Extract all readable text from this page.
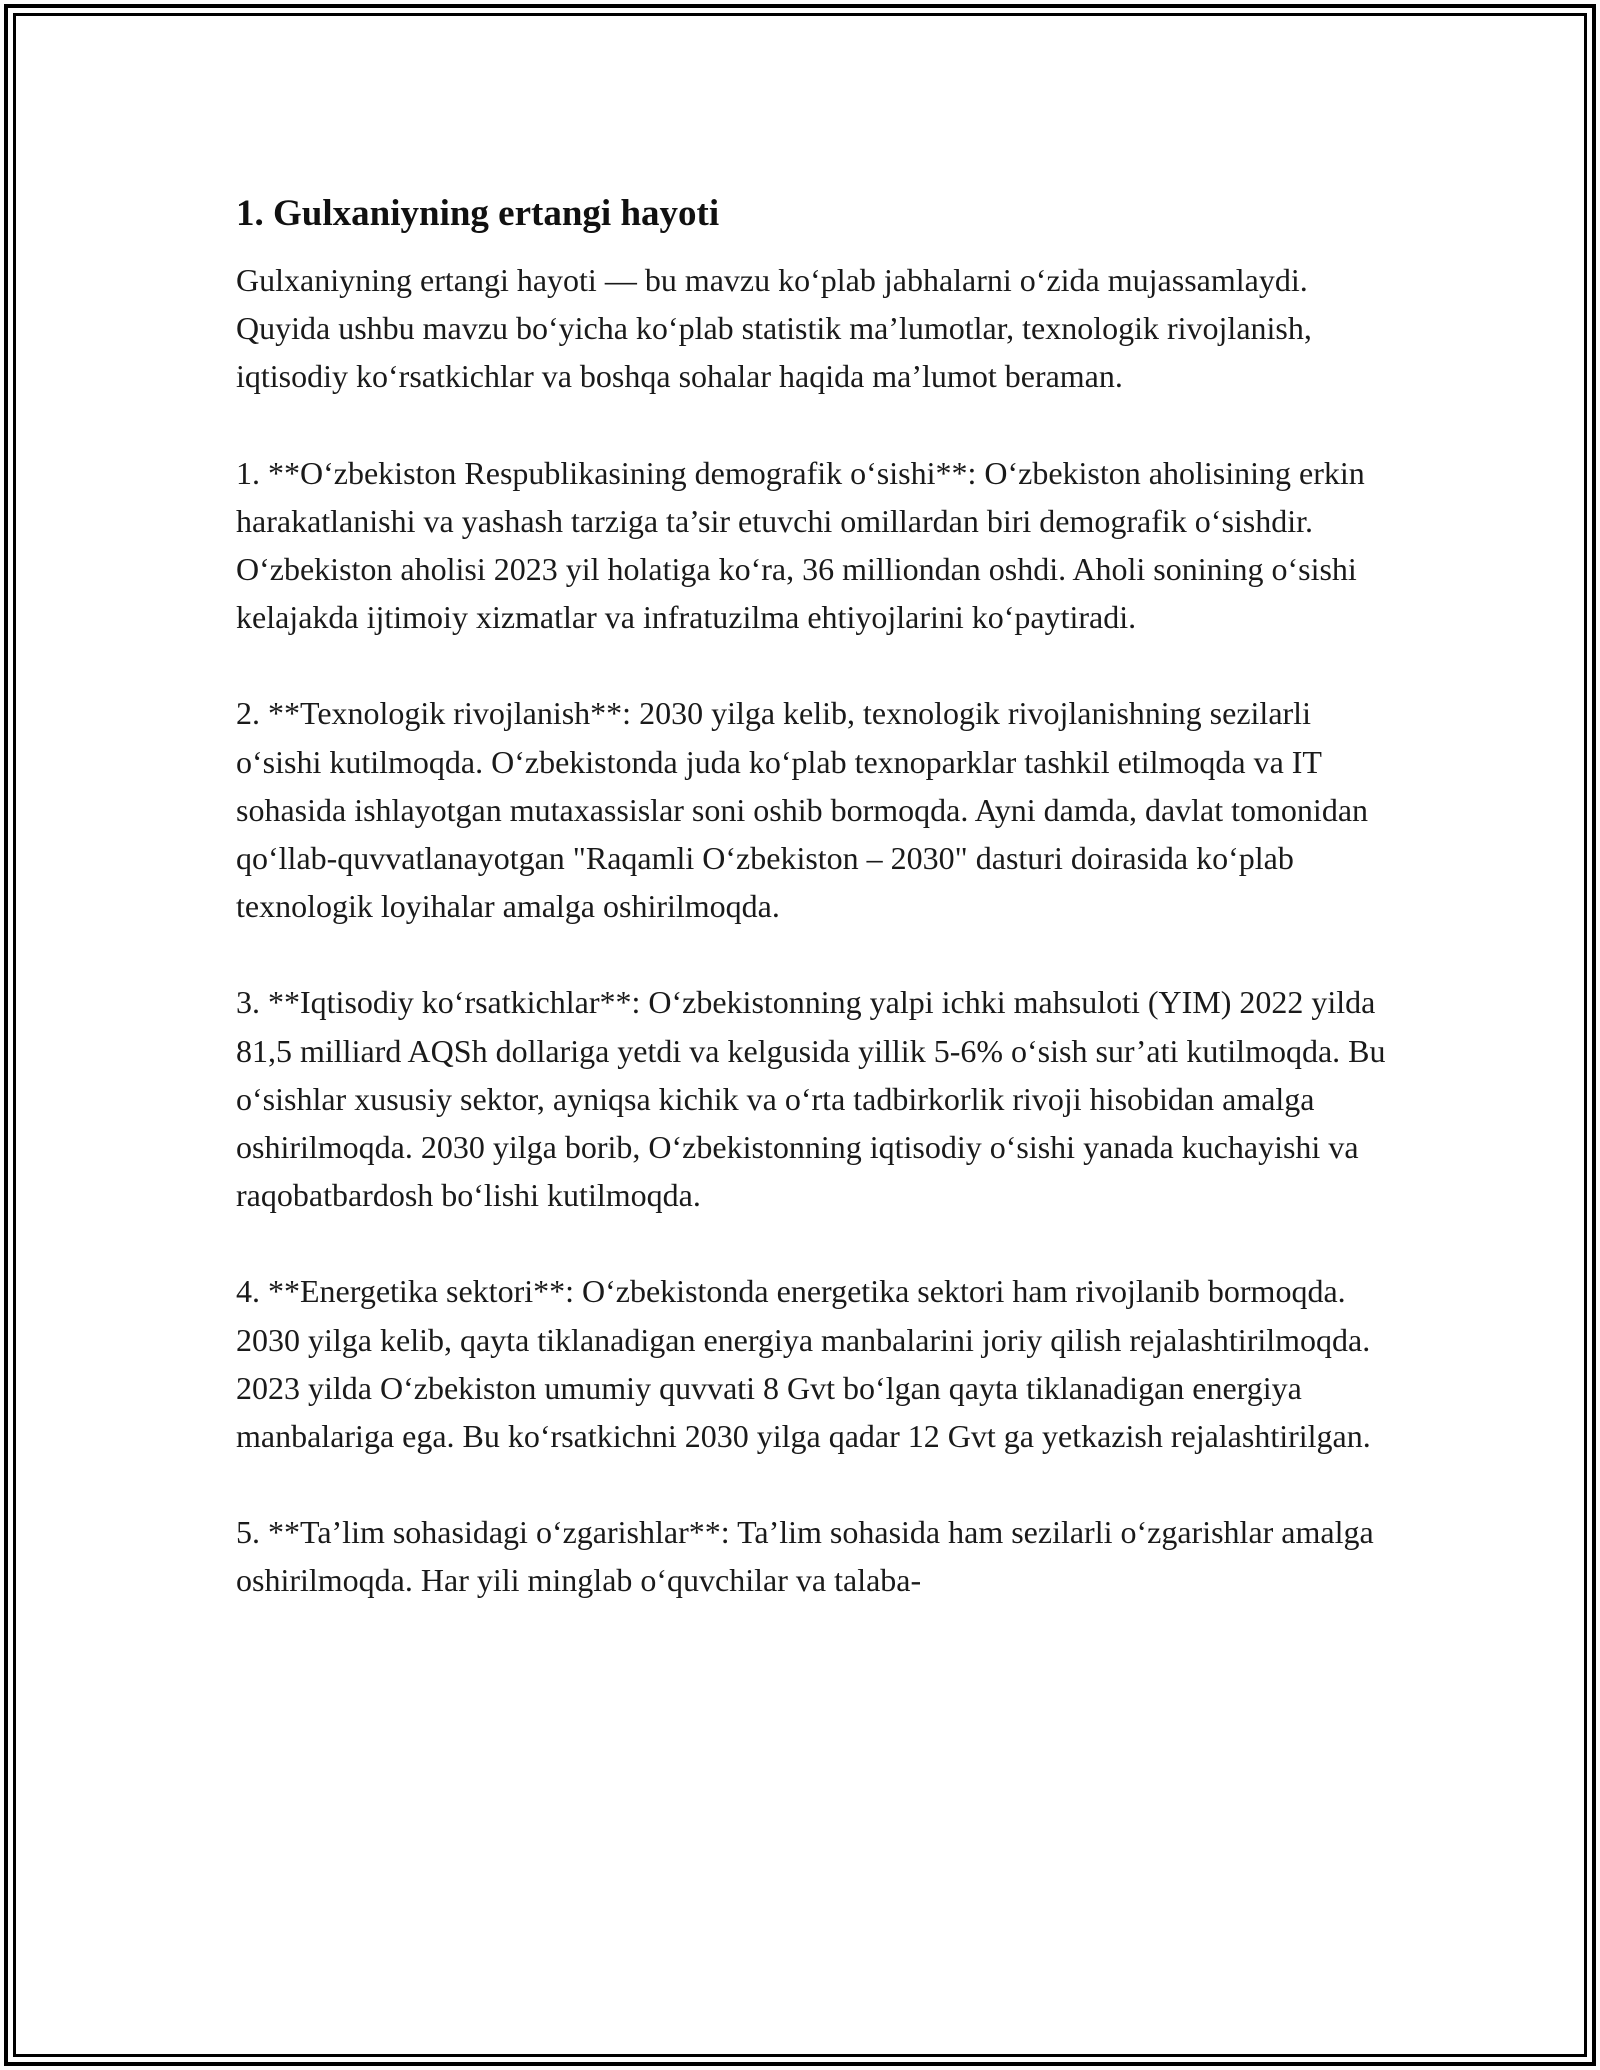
1. Gulxaniyning ertangi hayoti

Gulxaniyning ertangi hayoti — bu mavzu ko‘plab jabhalarni o‘zida mujassamlaydi. Quyida ushbu mavzu bo‘yicha ko‘plab statistik ma’lumotlar, texnologik rivojlanish, iqtisodiy ko‘rsatkichlar va boshqa sohalar haqida ma’lumot beraman.

1. **O‘zbekiston Respublikasining demografik o‘sishi**: O‘zbekiston aholisining erkin harakatlanishi va yashash tarziga ta’sir etuvchi omillardan biri demografik o‘sishdir. O‘zbekiston aholisi 2023 yil holatiga ko‘ra, 36 milliondan oshdi. Aholi sonining o‘sishi kelajakda ijtimoiy xizmatlar va infratuzilma ehtiyojlarini ko‘paytiradi.

2. **Texnologik rivojlanish**: 2030 yilga kelib, texnologik rivojlanishning sezilarli o‘sishi kutilmoqda. O‘zbekistonda juda ko‘plab texnoparklar tashkil etilmoqda va IT sohasida ishlayotgan mutaxassislar soni oshib bormoqda. Ayni damda, davlat tomonidan qo‘llab-quvvatlanayotgan "Raqamli O‘zbekiston – 2030" dasturi doirasida ko‘plab texnologik loyihalar amalga oshirilmoqda.

3. **Iqtisodiy ko‘rsatkichlar**: O‘zbekistonning yalpi ichki mahsuloti (YIM) 2022 yilda 81,5 milliard AQSh dollariga yetdi va kelgusida yillik 5-6% o‘sish sur’ati kutilmoqda. Bu o‘sishlar xususiy sektor, ayniqsa kichik va o‘rta tadbirkorlik rivoji hisobidan amalga oshirilmoqda. 2030 yilga borib, O‘zbekistonning iqtisodiy o‘sishi yanada kuchayishi va raqobatbardosh bo‘lishi kutilmoqda.

4. **Energetika sektori**: O‘zbekistonda energetika sektori ham rivojlanib bormoqda. 2030 yilga kelib, qayta tiklanadigan energiya manbalarini joriy qilish rejalashtirilmoqda. 2023 yilda O‘zbekiston umumiy quvvati 8 Gvt bo‘lgan qayta tiklanadigan energiya manbalariga ega. Bu ko‘rsatkichni 2030 yilga qadar 12 Gvt ga yetkazish rejalashtirilgan.

5. **Ta’lim sohasidagi o‘zgarishlar**: Ta’lim sohasida ham sezilarli o‘zgarishlar amalga oshirilmoqda. Har yili minglab o‘quvchilar va talaba-
